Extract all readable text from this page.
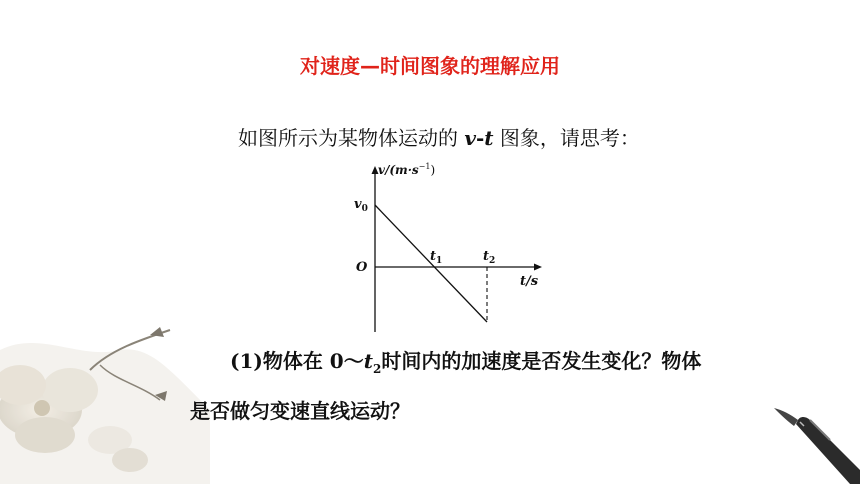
对速度—时间图象的理解应用
如图所示为某物体运动的 v-t 图象，请思考：
$v/(m\cdot s^{-1})$
$v_0$
O
$t_1$	$t_2$
t/s
(1)物体在 $0\sim t_2$时间内的加速度是否发生变化？物体
是否做匀变速直线运动？
